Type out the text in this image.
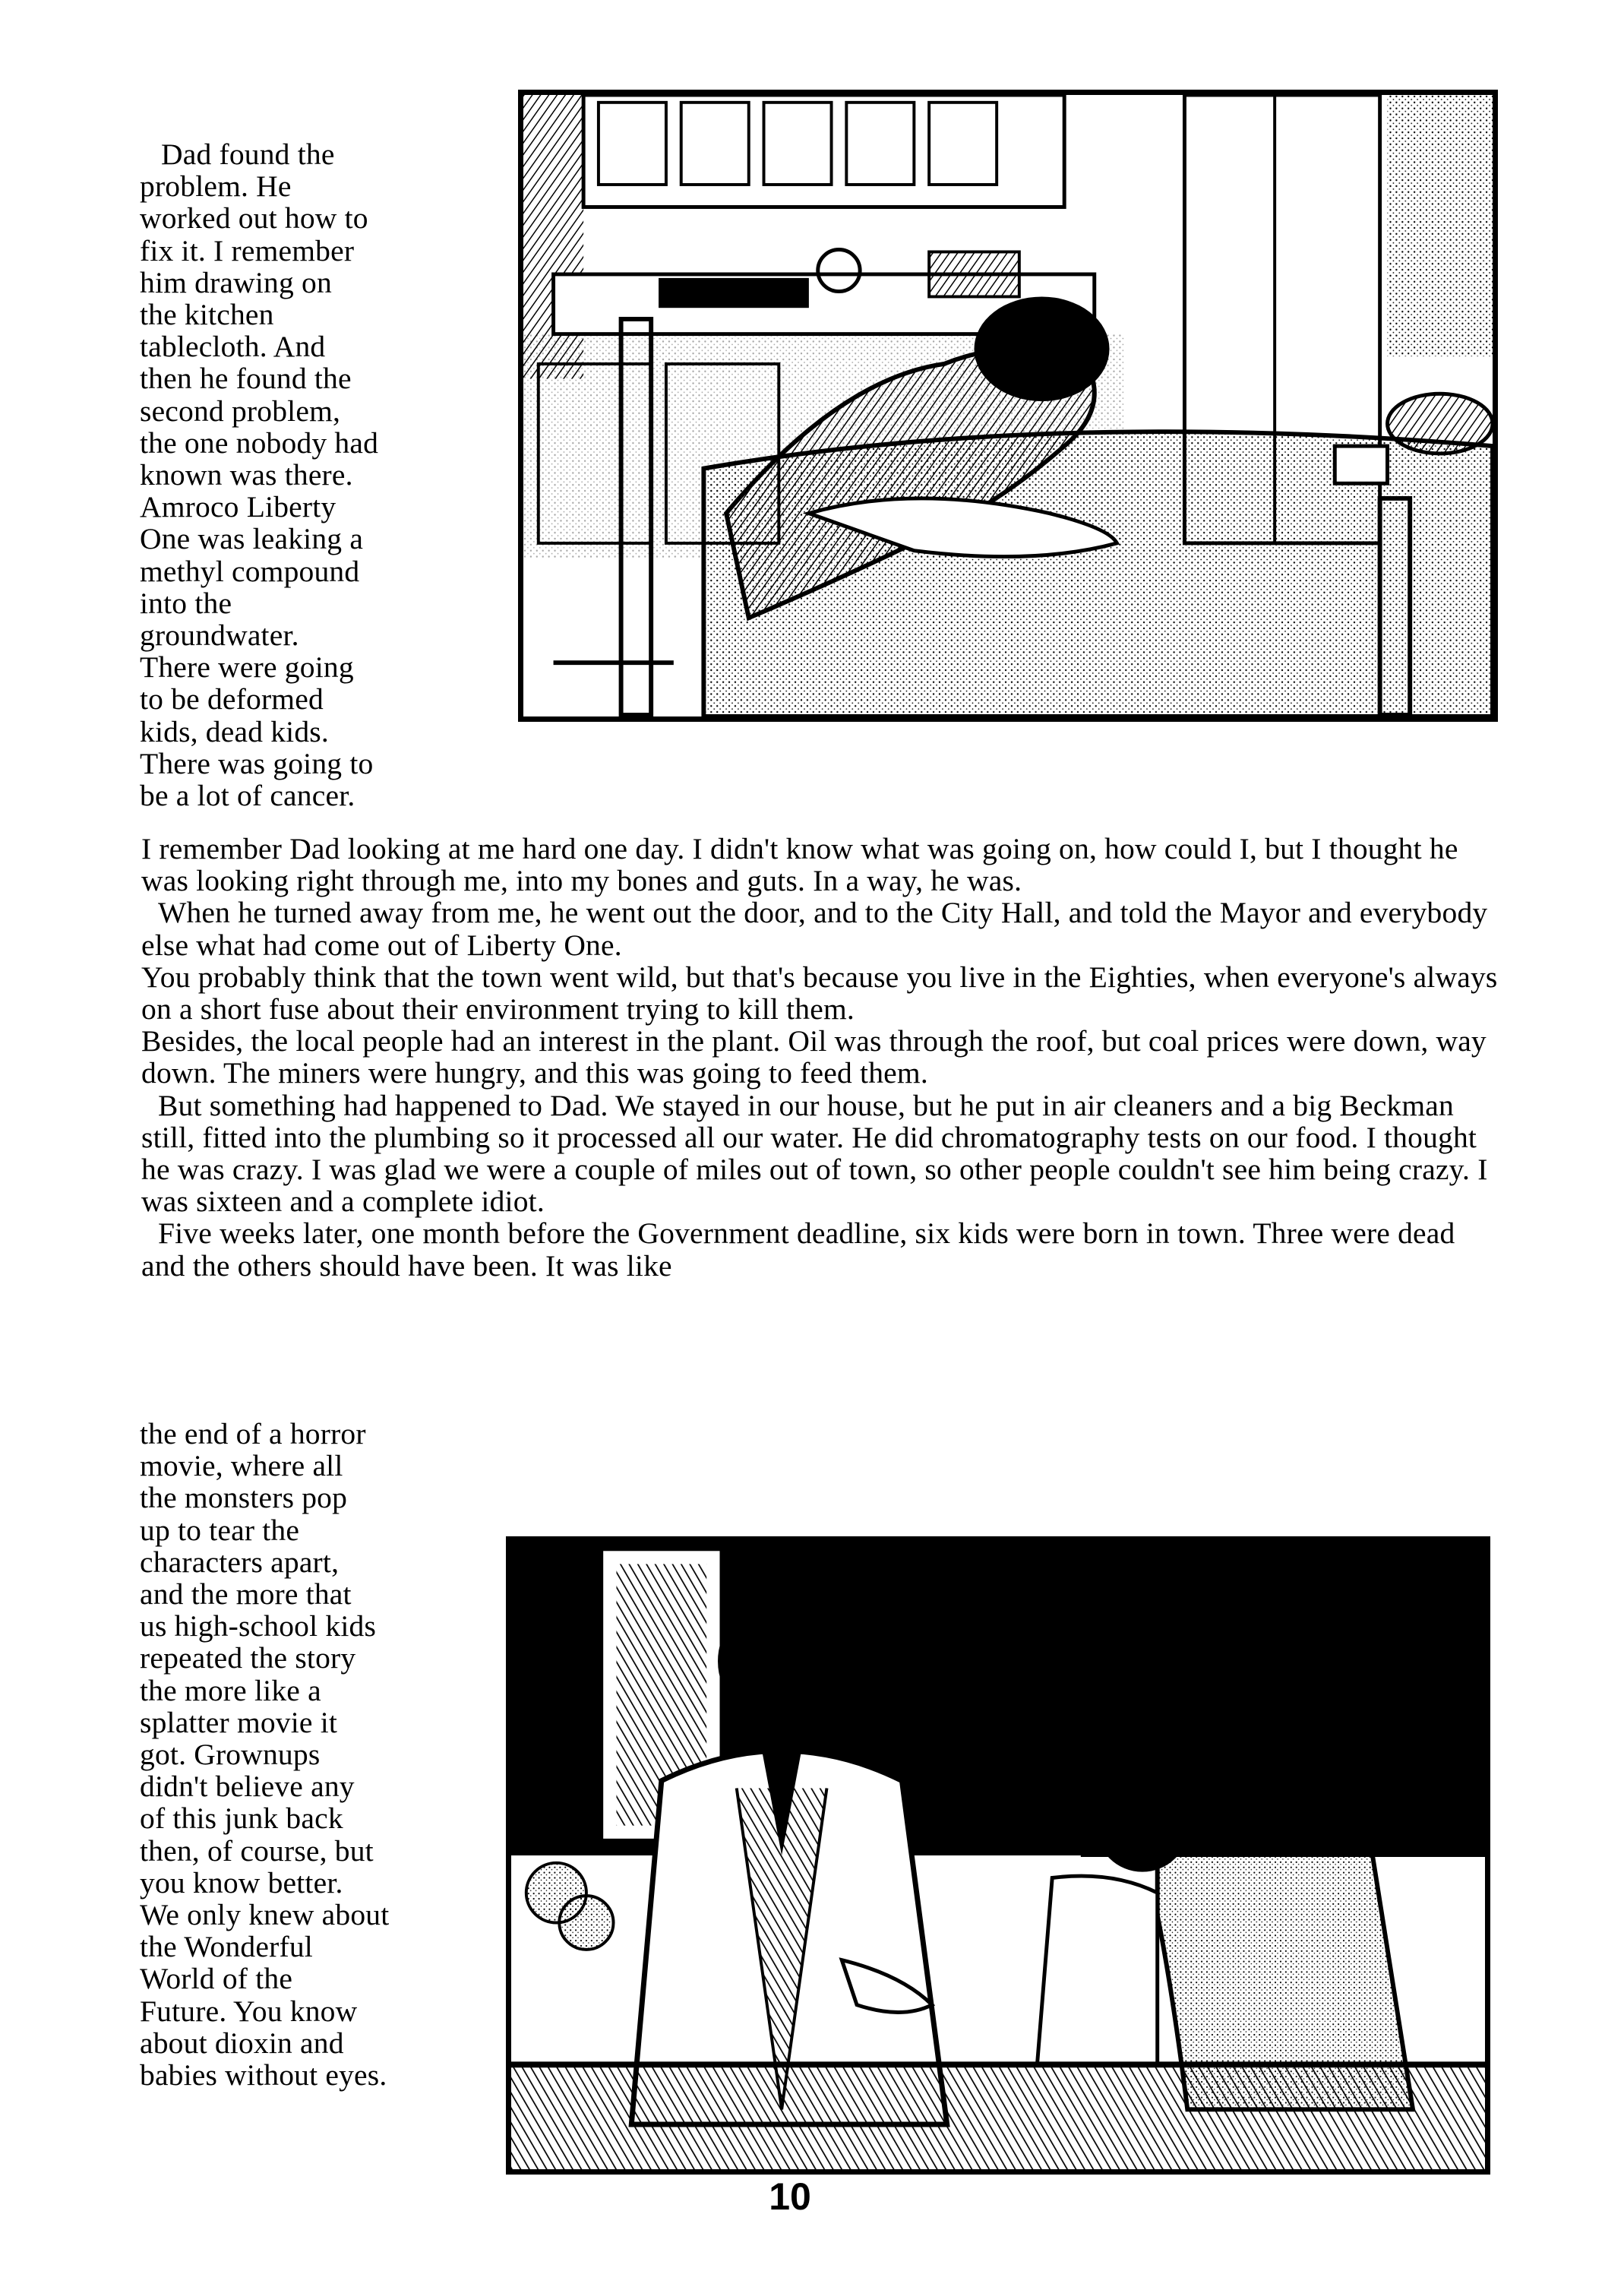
Dad found the
problem. He
worked out how to
fix it. I remember
him drawing on
the kitchen
tablecloth. And
then he found the
second problem,
the one nobody had
known was there.
Amroco Liberty
One was leaking a
methyl compound
into the
groundwater.
There were going
to be deformed
kids, dead kids.
There was going to
be a lot of cancer.

I remember Dad looking at me hard one day. I didn't know what was going on, how could I, but I thought he was looking right through me, into my bones and guts. In a way, he was.

When he turned away from me, he went out the door, and to the City Hall, and told the Mayor and everybody else what had come out of Liberty One.

You probably think that the town went wild, but that's because you live in the Eighties, when everyone's always on a short fuse about their environment trying to kill them.

Besides, the local people had an interest in the plant. Oil was through the roof, but coal prices were down, way down. The miners were hungry, and this was going to feed them.

But something had happened to Dad. We stayed in our house, but he put in air cleaners and a big Beckman still, fitted into the plumbing so it processed all our water. He did chromatography tests on our food. I thought he was crazy. I was glad we were a couple of miles out of town, so other people couldn't see him being crazy. I was sixteen and a complete idiot.

Five weeks later, one month before the Government deadline, six kids were born in town. Three were dead and the others should have been. It was like

the end of a horror
movie, where all
the monsters pop
up to tear the
characters apart,
and the more that
us high-school kids
repeated the story
the more like a
splatter movie it
got. Grownups
didn't believe any
of this junk back
then, of course, but
you know better.
We only knew about
the Wonderful
World of the
Future. You know
about dioxin and
babies without eyes.
10
